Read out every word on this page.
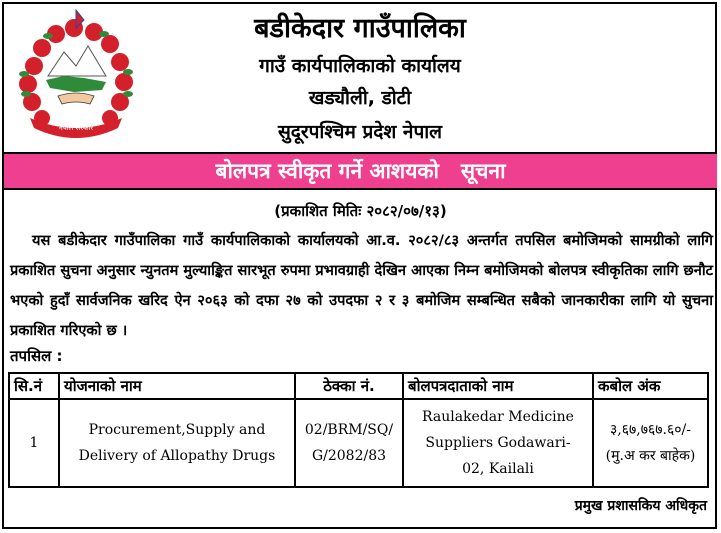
नेपाल सरकार
बडीकेदार गाउँपालिका
गाउँ कार्यपालिकाको कार्यालय
खड्यौली, डोटी
सुदूरपश्चिम प्रदेश नेपाल
बोलपत्र स्वीकृत गर्ने आशयको   सूचना
(प्रकाशित मितिः २०८२/०७/१३)
यस बडीकेदार गाउँपालिका गाउँ कार्यपालिकाको कार्यालयको आ.व. २०८२/८३ अन्तर्गत तपसिल बमोजिमको सामग्रीको लागि प्रकाशित सुचना अनुसार न्युनतम मुल्याङ्कित सारभूत रुपमा प्रभावग्राही देखिन आएका निम्न बमोजिमको बोलपत्र स्वीकृतिका लागि छनौट भएको हुदाँ सार्वजनिक खरिद ऐन २०६३ को दफा २७ को उपदफा २ र ३ बमोजिम सम्बन्धित सबैको जानकारीका लागि यो सुचना प्रकाशित गरिएको छ ।
तपसिल :
सि.नं	योजनाको नाम	ठेक्का नं.	बोलपत्रदाताको नाम	कबोल अंक
1	Procurement,Supply and Delivery of Allopathy Drugs	02/BRM/SQ/ G/2082/83	Raulakedar Medicine Suppliers Godawari-02, Kailali	३,६७,७६७.६०/-
(मु.अ कर बाहेक)
प्रमुख प्रशासकिय अधिकृत
